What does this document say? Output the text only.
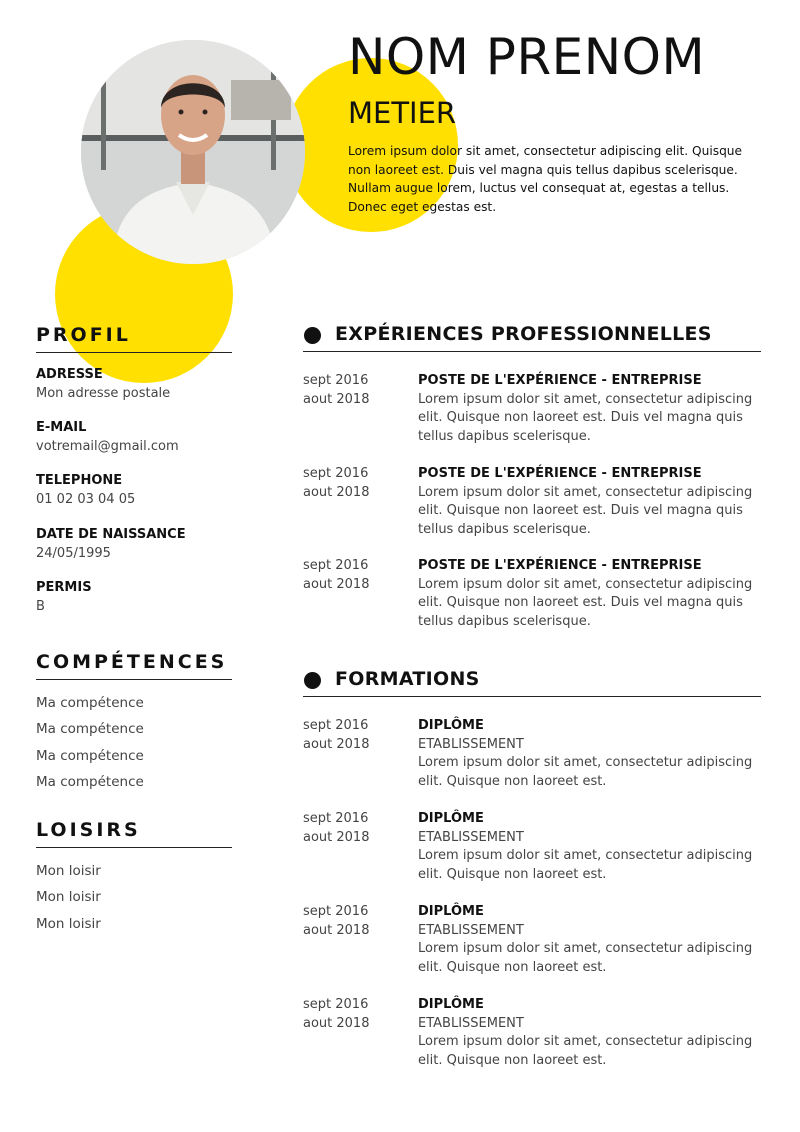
NOM PRENOM
METIER

Lorem ipsum dolor sit amet, consectetur adipiscing elit. Quisque non laoreet est. Duis vel magna quis tellus dapibus scelerisque. Nullam augue lorem, luctus vel consequat at, egestas a tellus. Donec eget egestas est.

PROFIL

ADRESSE

Mon adresse postale

E-MAIL

votremail@gmail.com

TELEPHONE

01 02 03 04 05

DATE DE NAISSANCE

24/05/1995

PERMIS

B

COMPÉTENCES
Ma compétence
Ma compétence
Ma compétence
Ma compétence
LOISIRS
Mon loisir
Mon loisir
Mon loisir
EXPÉRIENCES PROFESSIONNELLES

sept 2016

aout 2018

POSTE DE L'EXPÉRIENCE - ENTREPRISE

Lorem ipsum dolor sit amet, consectetur adipiscing elit. Quisque non laoreet est. Duis vel magna quis tellus dapibus scelerisque.

sept 2016

aout 2018

POSTE DE L'EXPÉRIENCE - ENTREPRISE

Lorem ipsum dolor sit amet, consectetur adipiscing elit. Quisque non laoreet est. Duis vel magna quis tellus dapibus scelerisque.

sept 2016

aout 2018

POSTE DE L'EXPÉRIENCE - ENTREPRISE

Lorem ipsum dolor sit amet, consectetur adipiscing elit. Quisque non laoreet est. Duis vel magna quis tellus dapibus scelerisque.

FORMATIONS

sept 2016

aout 2018

DIPLÔME

ETABLISSEMENT

Lorem ipsum dolor sit amet, consectetur adipiscing elit. Quisque non laoreet est.

sept 2016

aout 2018

DIPLÔME

ETABLISSEMENT

Lorem ipsum dolor sit amet, consectetur adipiscing elit. Quisque non laoreet est.

sept 2016

aout 2018

DIPLÔME

ETABLISSEMENT

Lorem ipsum dolor sit amet, consectetur adipiscing elit. Quisque non laoreet est.

sept 2016

aout 2018

DIPLÔME

ETABLISSEMENT

Lorem ipsum dolor sit amet, consectetur adipiscing elit. Quisque non laoreet est.
